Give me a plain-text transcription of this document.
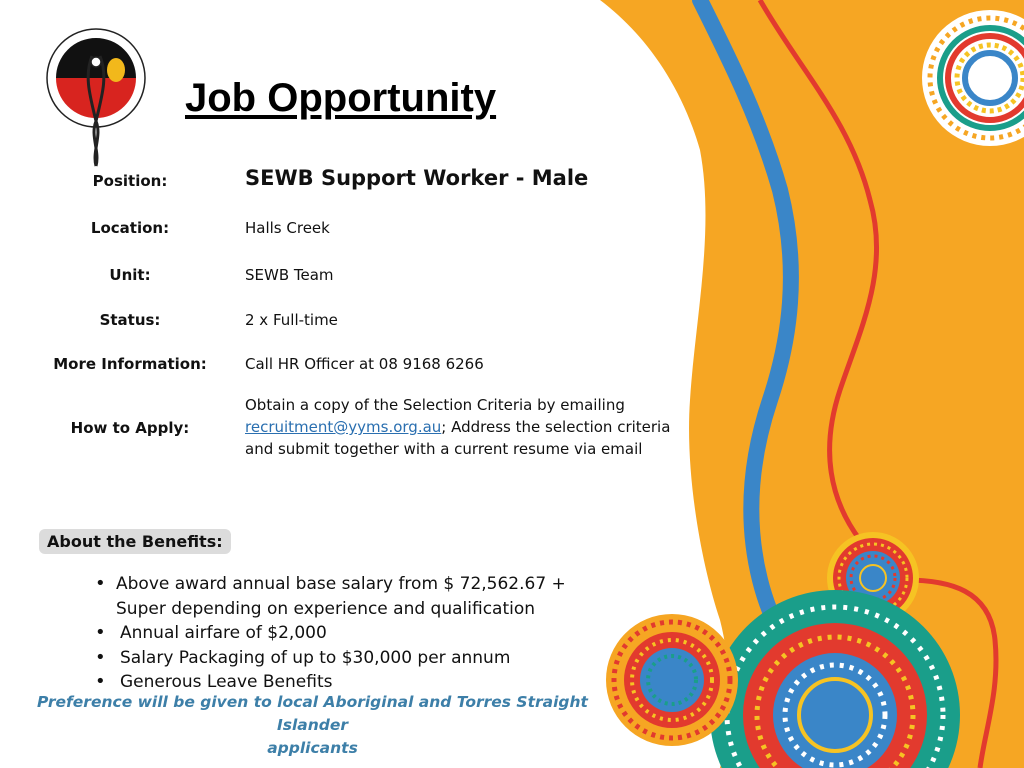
Job Opportunity
Position:	SEWB Support Worker - Male
Location:	Halls Creek
Unit:	SEWB Team
Status:	2 x Full-time
More Information:	Call HR Officer at 08 9168 6266
How to Apply:
Obtain a copy of the Selection Criteria by emailing
recruitment@yyms.org.au; Address the selection criteria
and submit together with a current resume via email
About the Benefits:
• Above award annual base salary from $ 72,562.67 +
Super depending on experience and qualification
• Annual airfare of $2,000
• Salary Packaging of up to $30,000 per annum
• Generous Leave Benefits
Preference will be given to local Aboriginal and Torres Straight Islander
applicants
